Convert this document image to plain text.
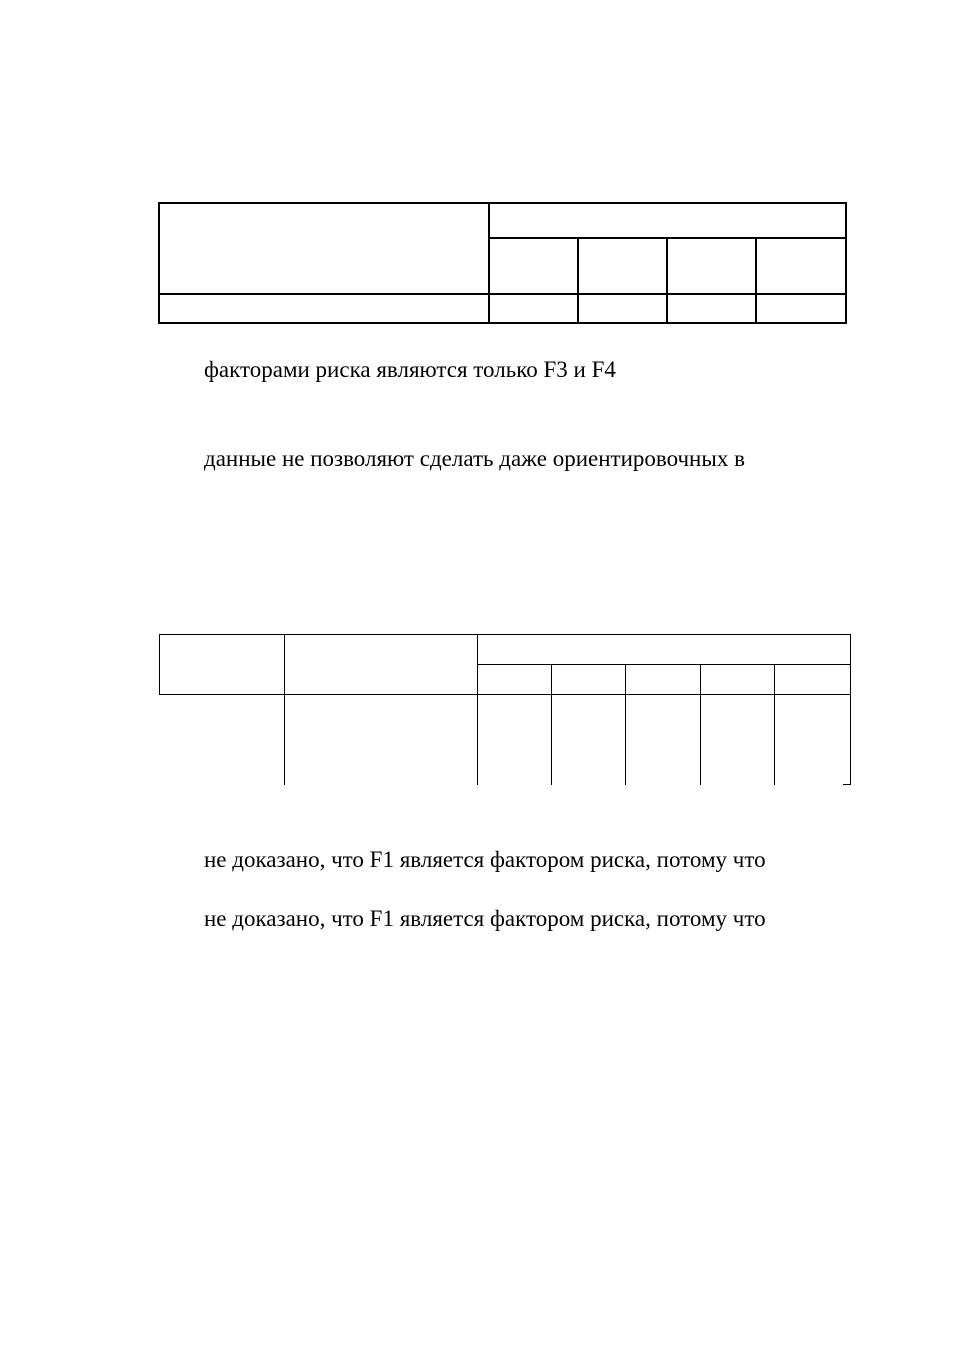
факторами риска являются только F3 и F4
данные не позволяют сделать даже ориентировочных в

не доказано, что F1 является фактором риска, потому что
не доказано, что F1 является фактором риска, потому что
